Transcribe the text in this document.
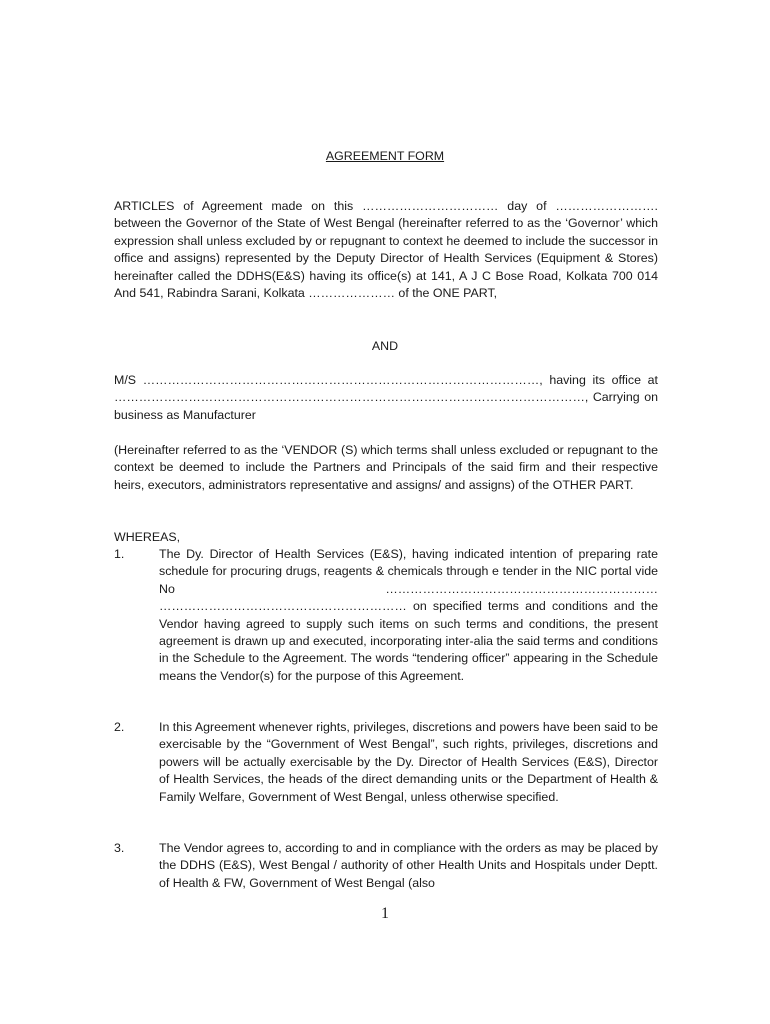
AGREEMENT FORM
ARTICLES of Agreement made on this …………………………… day of ……………………. between the Governor of the State of West Bengal (hereinafter referred to as the ‘Governor’ which expression shall unless excluded by or repugnant to context he deemed to include the successor in office and assigns) represented by the Deputy Director of Health Services (Equipment & Stores) hereinafter called the DDHS(E&S) having its office(s) at 141, A J C Bose Road, Kolkata 700 014 And 541, Rabindra Sarani, Kolkata ………………… of the ONE PART,
AND
M/S ……………………………………………………………………………………, having its office at ……………………………………………………………………………………………………, Carrying on business as Manufacturer
(Hereinafter referred to as the ‘VENDOR (S) which terms shall unless excluded or repugnant to the context be deemed to include the Partners and Principals of the said firm and their respective heirs, executors, administrators representative and assigns/ and assigns) of the OTHER PART.
WHEREAS,
1.	The Dy. Director of Health Services (E&S), having indicated intention of preparing rate schedule for procuring drugs, reagents & chemicals through e tender in the NIC portal vide No ………………………………………………………… …………………………………………………… on specified terms and conditions and the Vendor having agreed to supply such items on such terms and conditions, the present agreement is drawn up and executed, incorporating inter-alia the said terms and conditions in the Schedule to the Agreement. The words “tendering officer” appearing in the Schedule means the Vendor(s) for the purpose of this Agreement.
2.	In this Agreement whenever rights, privileges, discretions and powers have been said to be exercisable by the “Government of West Bengal”, such rights, privileges, discretions and powers will be actually exercisable by the Dy. Director of Health Services (E&S), Director of Health Services, the heads of the direct demanding units or the Department of Health & Family Welfare, Government of West Bengal, unless otherwise specified.
3.	The Vendor agrees to, according to and in compliance with the orders as may be placed by the DDHS (E&S), West Bengal / authority of other Health Units and Hospitals under Deptt. of Health & FW, Government of West Bengal (also
1
